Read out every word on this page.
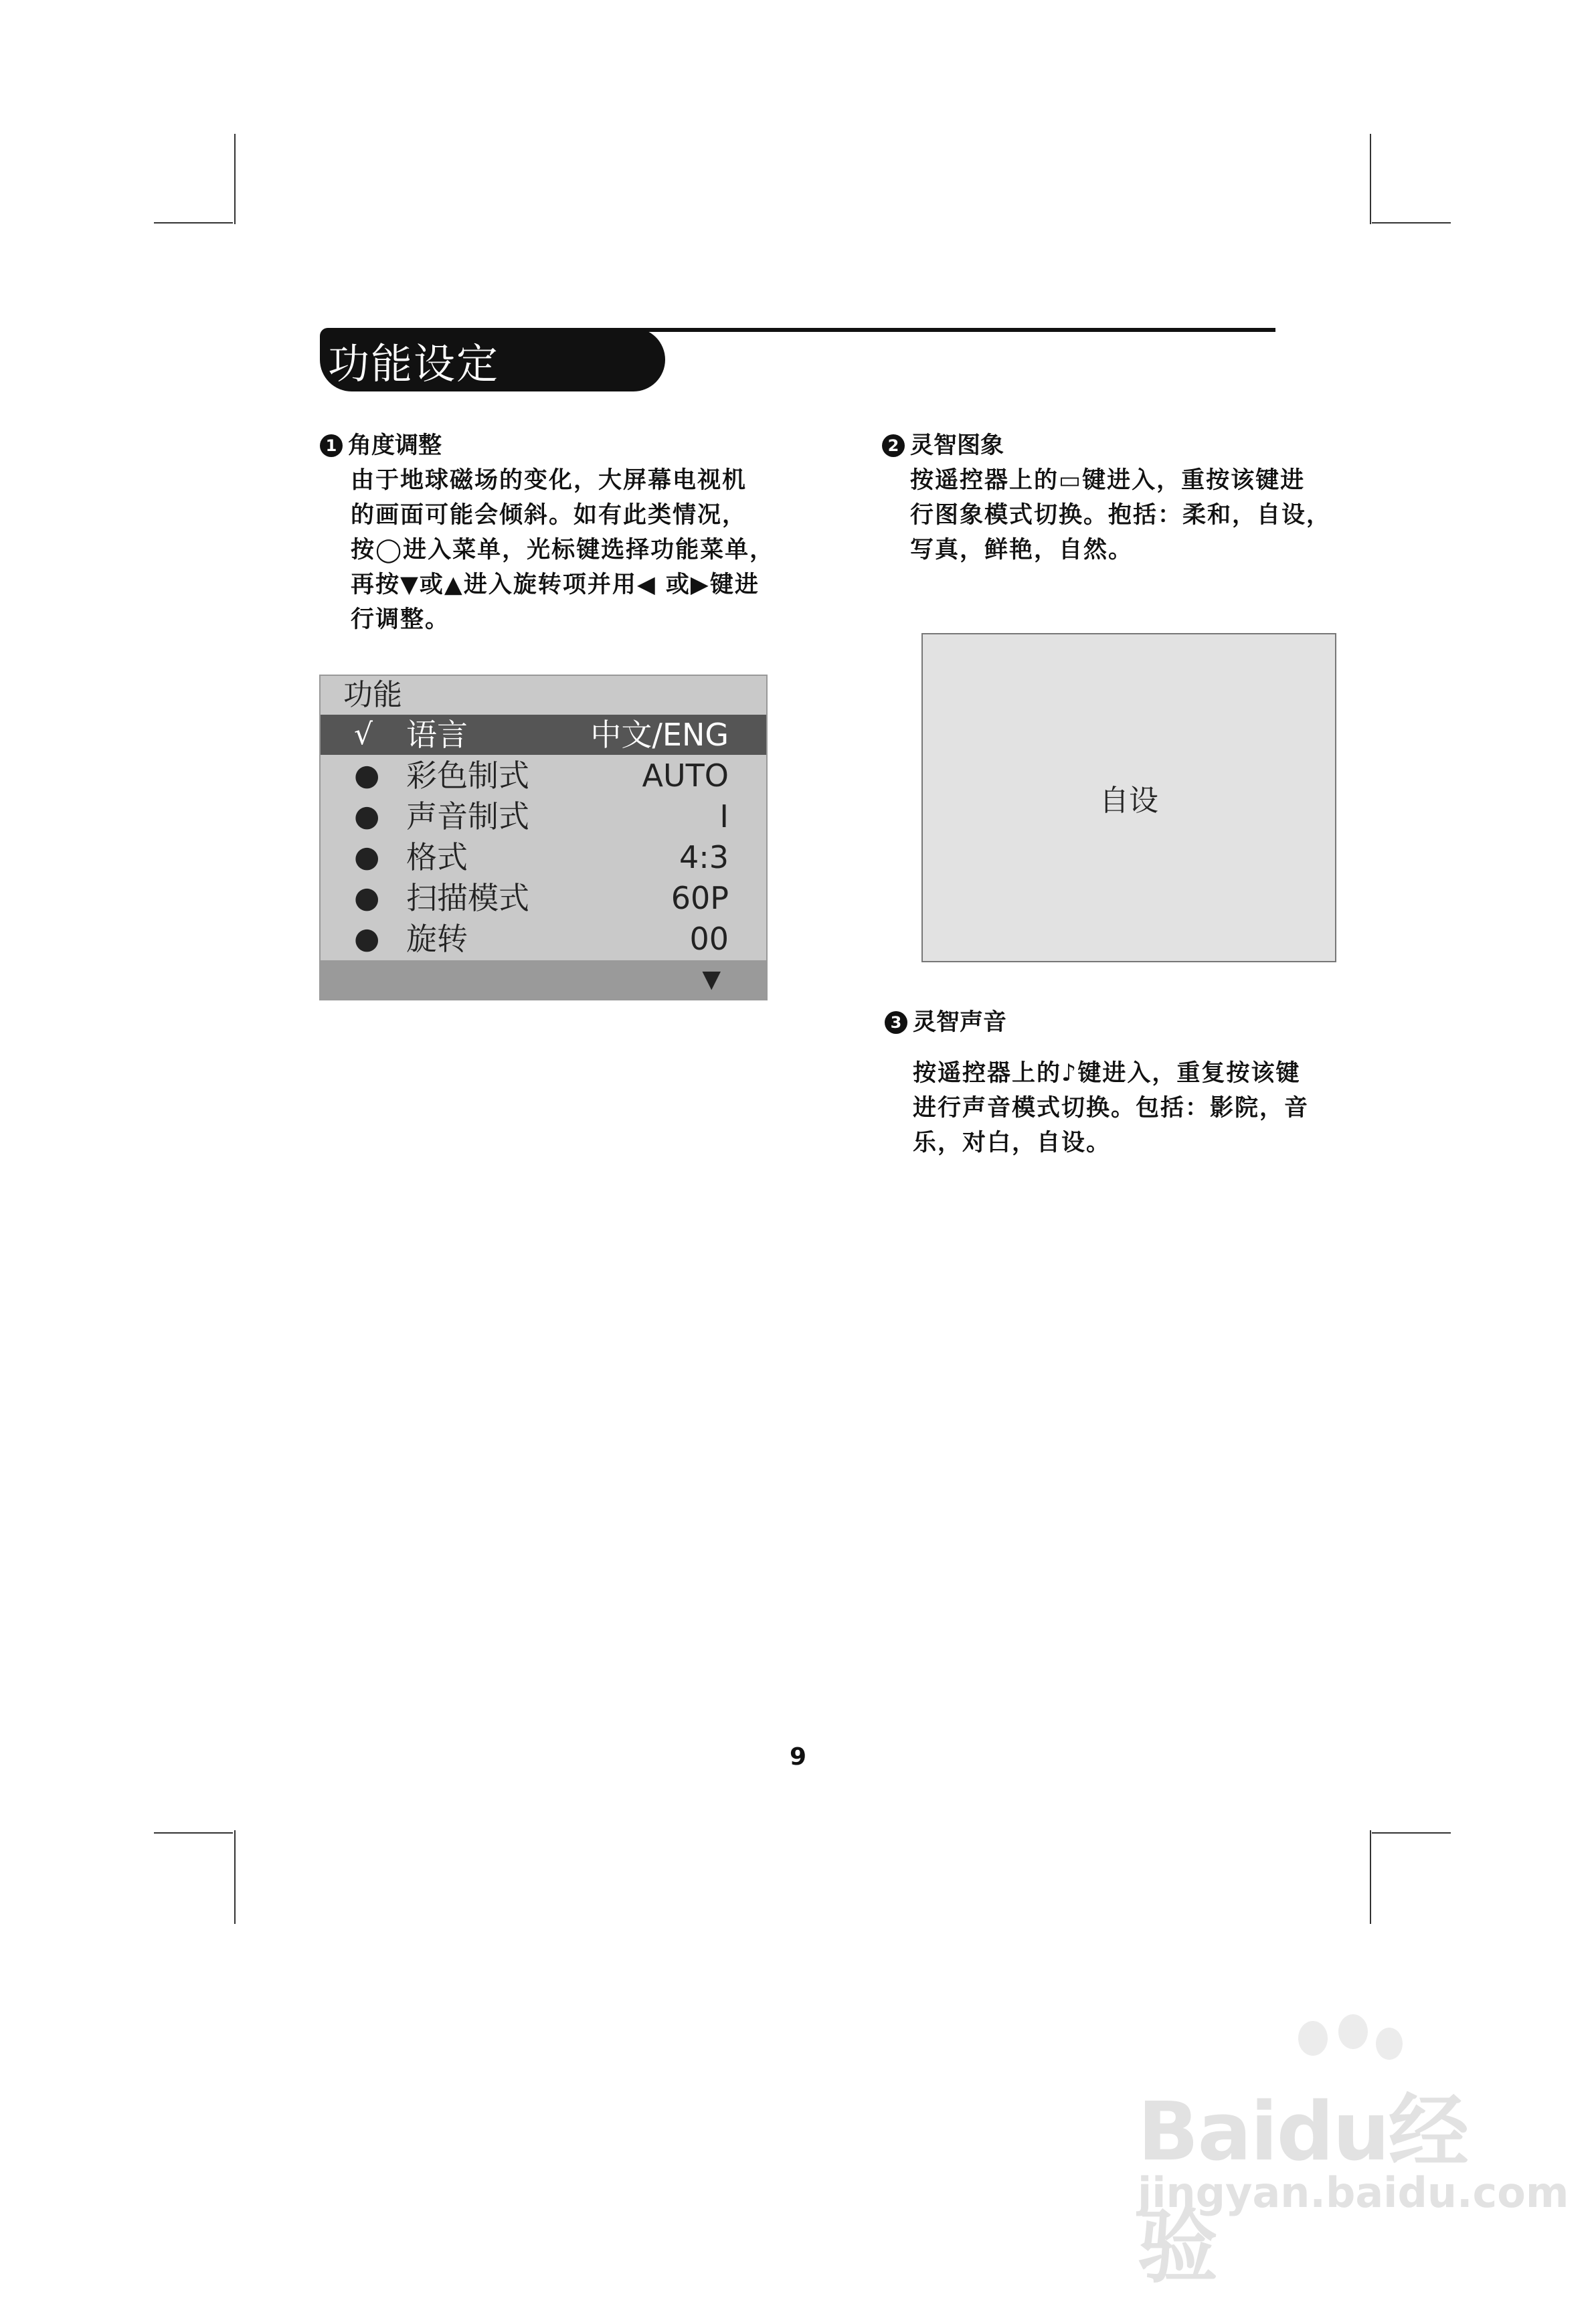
功能设定
1 角度调整
由于地球磁场的变化，大屏幕电视机
的画面可能会倾斜。如有此类情况，
按◯进入菜单，光标键选择功能菜单，
再按▼或▲进入旋转项并用◀ 或▶键进
行调整。
2 灵智图象
按遥控器上的▭键进入，重按该键进
行图象模式切换。抱括：柔和，自设，
写真，鲜艳，自然。
功能
√ 语言	中文/ENG
● 彩色制式	AUTO
● 声音制式	I
● 格式	4:3
● 扫描模式	60P
● 旋转	00
▼
自设
3 灵智声音
按遥控器上的♪键进入，重复按该键
进行声音模式切换。包括：影院，音
乐，对白，自设。
9
Baidu经验
jingyan.baidu.com
